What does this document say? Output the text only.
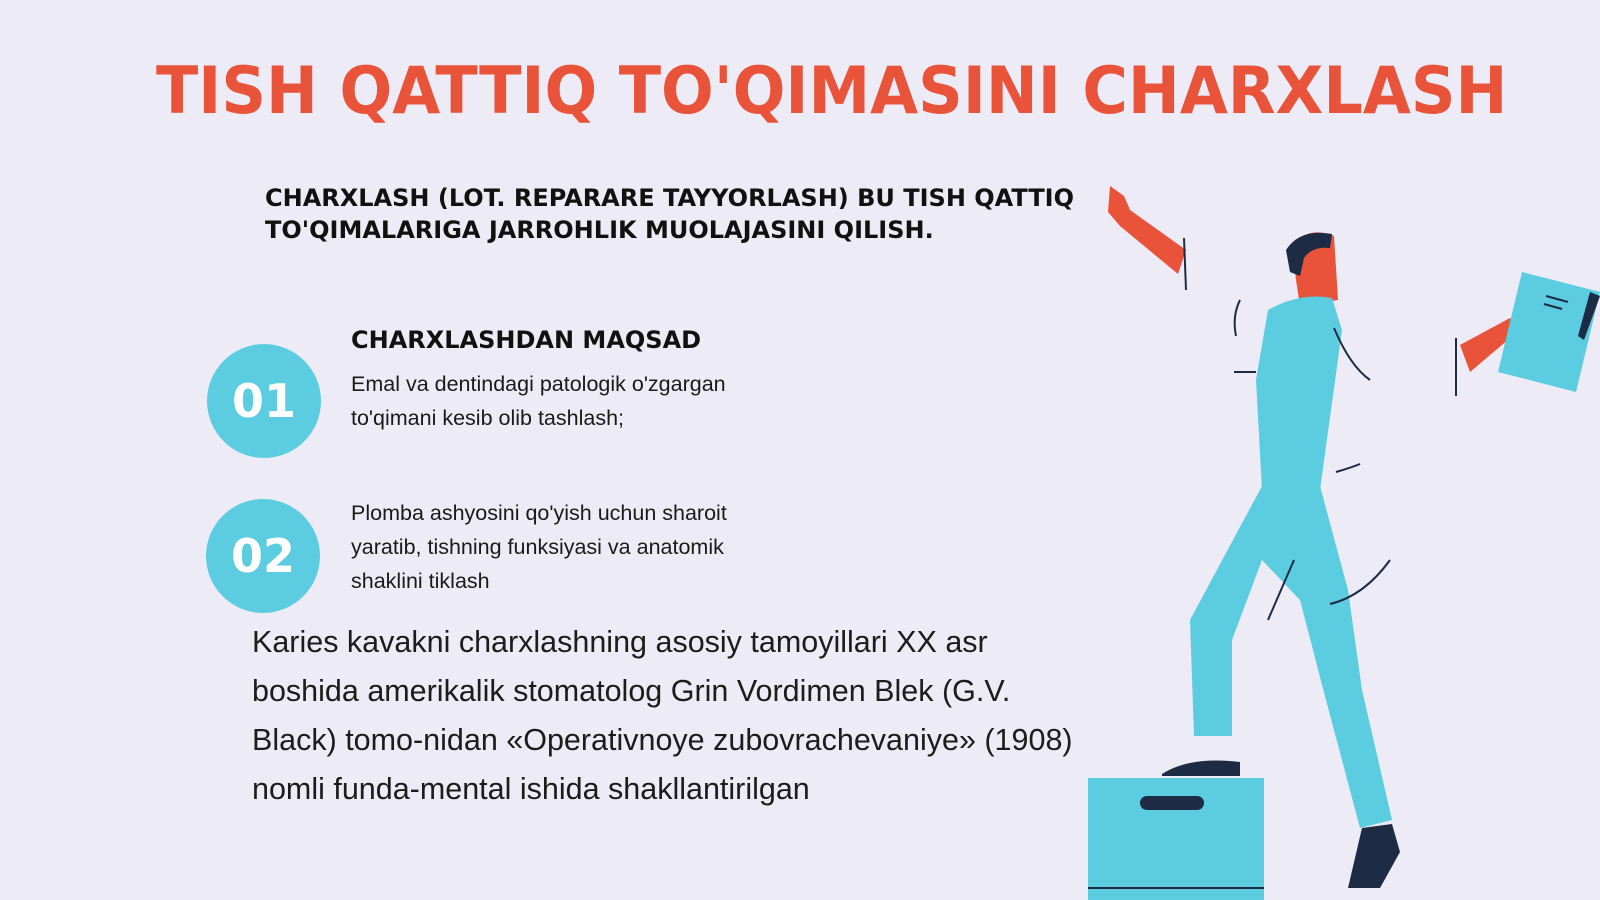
TISH QATTIQ TO'QIMASINI CHARXLASH

CHARXLASH (LOT. REPARARE TAYYORLASH) BU TISH QATTIQ TO'QIMALARIGA JARROHLIK MUOLAJASINI QILISH.

01
CHARXLASHDAN MAQSAD

Emal va dentindagi patologik o'zgargan to'qimani kesib olib tashlash;

02

Plomba ashyosini qo'yish uchun sharoit yaratib, tishning funksiyasi va anatomik shaklini tiklash

Karies kavakni charxlashning asosiy tamoyillari XX asr boshida amerikalik stomatolog Grin Vordimen Blek (G.V. Black) tomo-nidan «Operativnoye zubovrachevaniye» (1908) nomli funda-mental ishida shakllantirilgan
